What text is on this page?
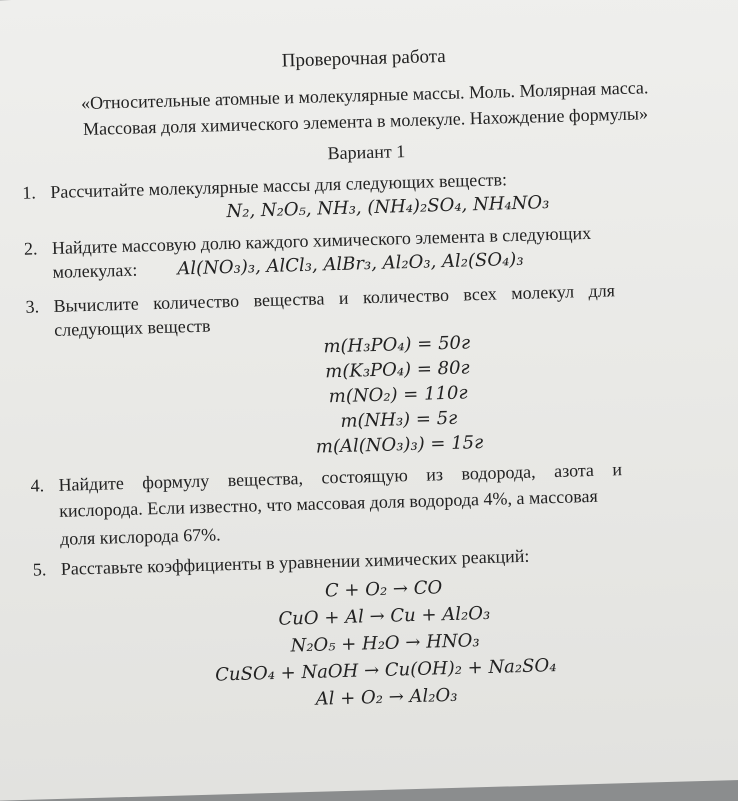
Проверочная работа
«Относительные атомные и молекулярные массы. Моль. Молярная масса.
Массовая доля химического элемента в молекуле. Нахождение формулы»
Вариант 1
1. Рассчитайте молекулярные массы для следующих веществ:
N₂, N₂O₅, NH₃, (NH₄)₂SO₄, NH₄NO₃
2. Найдите массовую долю каждого химического элемента в следующих
молекулах: Al(NO₃)₃, AlCl₃, AlBr₃, Al₂O₃, Al₂(SO₄)₃
3. Вычислите количество вещества и количество всех молекул для
следующих веществ
m(H₃PO₄) = 50г
m(K₃PO₄) = 80г
m(NO₂) = 110г
m(NH₃) = 5г
m(Al(NO₃)₃) = 15г
4. Найдите формулу вещества, состоящую из водорода, азота и
кислорода. Если известно, что массовая доля водорода 4%, а массовая
доля кислорода 67%.
5. Расставьте коэффициенты в уравнении химических реакций:
C + O₂ → CO
CuO + Al → Cu + Al₂O₃
N₂O₅ + H₂O → HNO₃
CuSO₄ + NaOH → Cu(OH)₂ + Na₂SO₄
Al + O₂ → Al₂O₃
